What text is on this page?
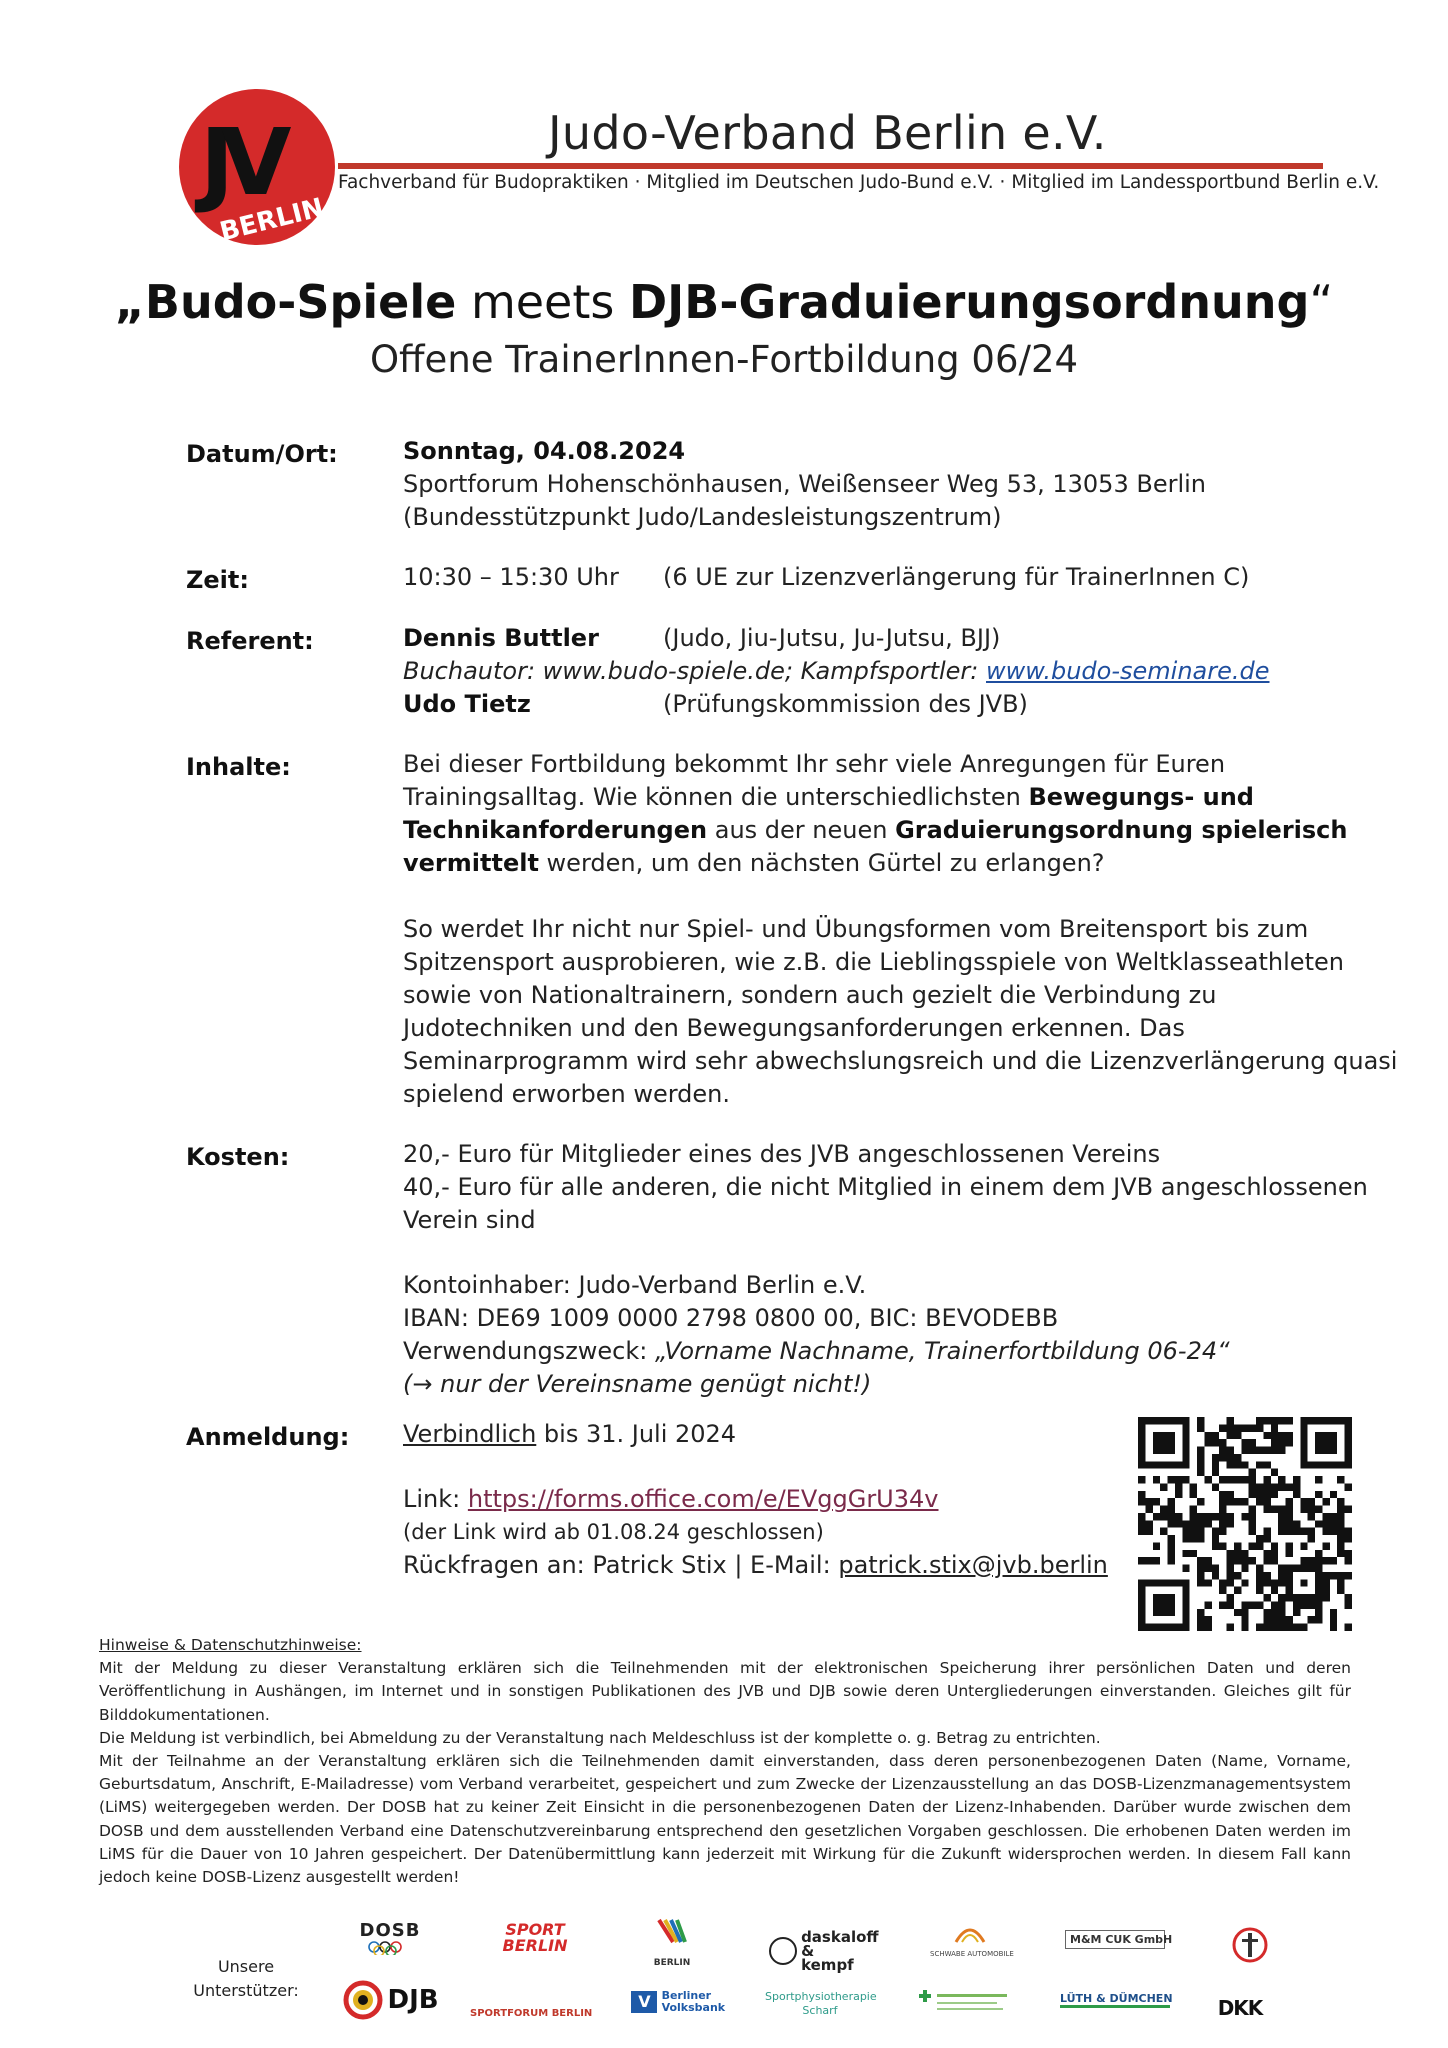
JV
BERLIN
Judo-Verband Berlin e.V.
Fachverband für Budopraktiken · Mitglied im Deutschen Judo-Bund e.V. · Mitglied im Landessportbund Berlin e.V.
„Budo-Spiele meets DJB-Graduierungsordnung“
Offene TrainerInnen-Fortbildung 06/24
Datum/Ort:	Sonntag, 04.08.2024
Sportforum Hohenschönhausen, Weißenseer Weg 53, 13053 Berlin
(Bundesstützpunkt Judo/Landesleistungszentrum)
Zeit:	10:30 – 15:30 Uhr (6 UE zur Lizenzverlängerung für TrainerInnen C)
Referent:	Dennis Buttler	(Judo, Jiu-Jutsu, Ju-Jutsu, BJJ)
Buchautor: www.budo-spiele.de; Kampfsportler: www.budo-seminare.de
Udo Tietz	(Prüfungskommission des JVB)
Inhalte:	Bei dieser Fortbildung bekommt Ihr sehr viele Anregungen für Euren
Trainingsalltag. Wie können die unterschiedlichsten Bewegungs- und
Technikanforderungen aus der neuen Graduierungsordnung spielerisch
vermittelt werden, um den nächsten Gürtel zu erlangen?
So werdet Ihr nicht nur Spiel- und Übungsformen vom Breitensport bis zum
Spitzensport ausprobieren, wie z.B. die Lieblingsspiele von Weltklasseathleten
sowie von Nationaltrainern, sondern auch gezielt die Verbindung zu
Judotechniken und den Bewegungsanforderungen erkennen. Das
Seminarprogramm wird sehr abwechslungsreich und die Lizenzverlängerung quasi
spielend erworben werden.
Kosten:	20,- Euro für Mitglieder eines des JVB angeschlossenen Vereins
40,- Euro für alle anderen, die nicht Mitglied in einem dem JVB angeschlossenen
Verein sind
Kontoinhaber: Judo-Verband Berlin e.V.
IBAN: DE69 1009 0000 2798 0800 00, BIC: BEVODEBB
Verwendungszweck: „Vorname Nachname, Trainerfortbildung 06-24“
(→ nur der Vereinsname genügt nicht!)
Anmeldung: Verbindlich bis 31. Juli 2024
Link: https://forms.office.com/e/EVggGrU34v
(der Link wird ab 01.08.24 geschlossen)
Rückfragen an: Patrick Stix | E-Mail: patrick.stix@jvb.berlin
Hinweise & Datenschutzhinweise:
Mit der Meldung zu dieser Veranstaltung erklären sich die Teilnehmenden mit der elektronischen Speicherung ihrer persönlichen Daten und deren Veröffentlichung in Aushängen, im Internet und in sonstigen Publikationen des JVB und DJB sowie deren Untergliederungen einverstanden. Gleiches gilt für Bilddokumentationen.
Die Meldung ist verbindlich, bei Abmeldung zu der Veranstaltung nach Meldeschluss ist der komplette o. g. Betrag zu entrichten.
Mit der Teilnahme an der Veranstaltung erklären sich die Teilnehmenden damit einverstanden, dass deren personenbezogenen Daten (Name, Vorname, Geburtsdatum, Anschrift, E-Mailadresse) vom Verband verarbeitet, gespeichert und zum Zwecke der Lizenzausstellung an das DOSB-Lizenzmanagementsystem (LiMS) weitergegeben werden. Der DOSB hat zu keiner Zeit Einsicht in die personenbezogenen Daten der Lizenz-Inhabenden. Darüber wurde zwischen dem DOSB und dem ausstellenden Verband eine Datenschutzvereinbarung entsprechend den gesetzlichen Vorgaben geschlossen. Die erhobenen Daten werden im LiMS für die Dauer von 10 Jahren gespeichert. Der Datenübermittlung kann jederzeit mit Wirkung für die Zukunft widersprochen werden. In diesem Fall kann jedoch keine DOSB-Lizenz ausgestellt werden!
Unsere
Unterstützer:
DOSB
DJB
SPORT BERLIN
SPORTFORUM BERLIN
BERLIN
V Berliner Volksbank
daskaloff & kempf
Sportphysiotherapie Scharf
SCHWABE AUTOMOBILE
M&M CUK GmbH
LÜTH & DÜMCHEN	DKK
